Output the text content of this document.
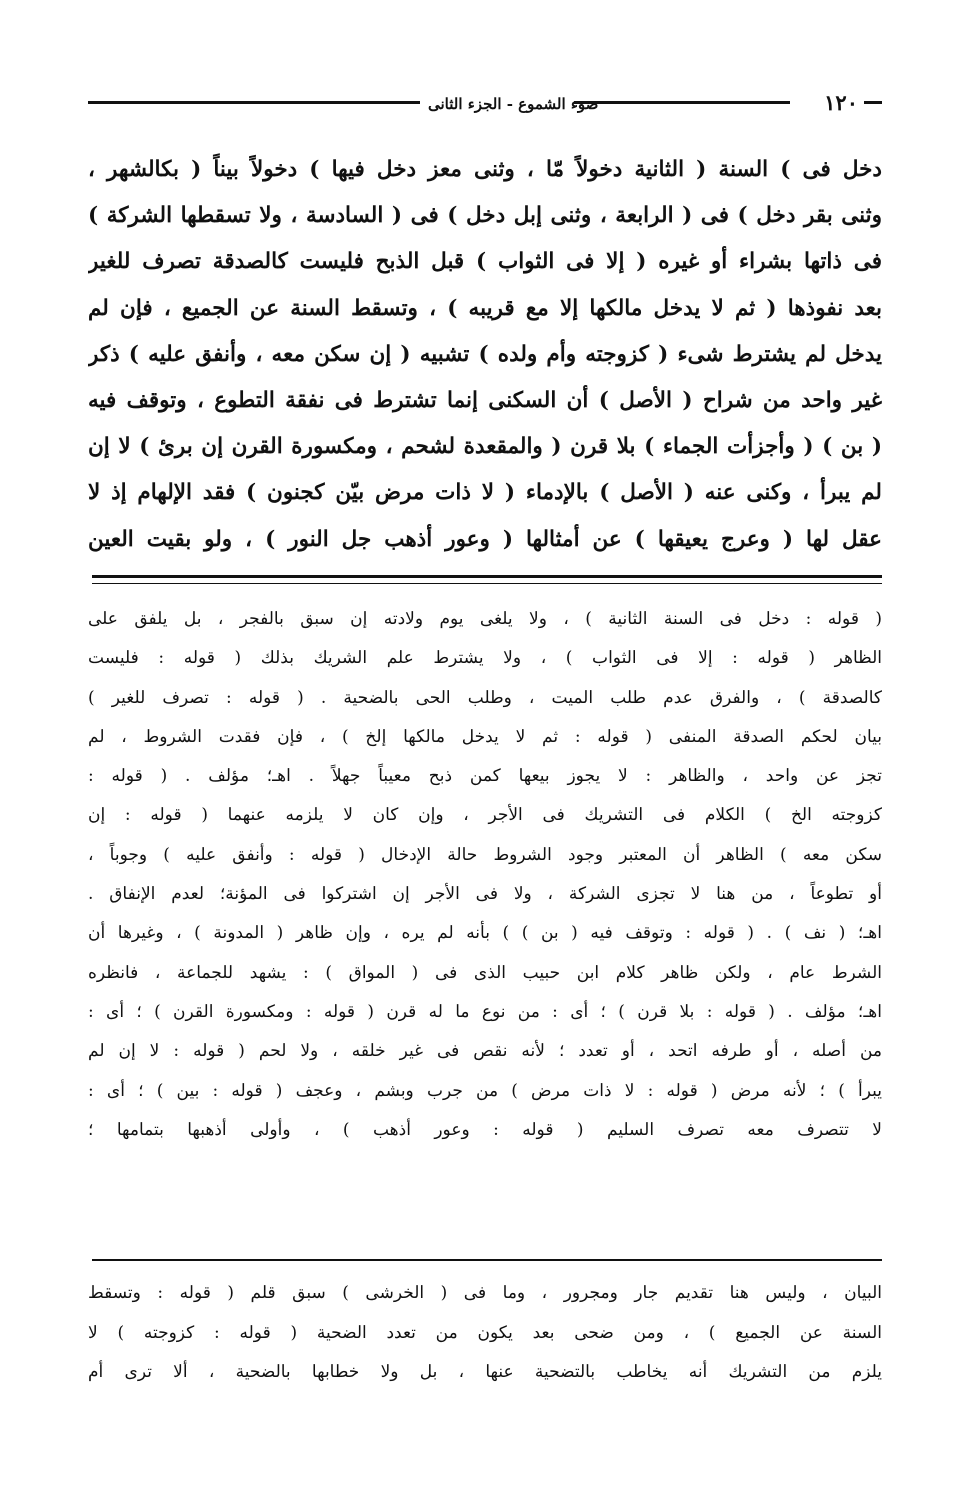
١٢٠
ضوء الشموع - الجزء الثانى
دخل فى ) السنة ( الثانية دخولاً مّا ، وثنى معز دخل فيها ) دخولاً بيناً ( بكالشهر ،
وثنى بقر دخل ) فى ( الرابعة ، وثنى إبل دخل ) فى ( السادسة ، ولا تسقطها الشركة )
فى ذاتها بشراء أو غيره ( إلا فى الثواب ) قبل الذبح فليست كالصدقة تصرف للغير
بعد نفوذها ( ثم لا يدخل مالكها إلا مع قريبه ) ، وتسقط السنة عن الجميع ، فإن لم
يدخل لم يشترط شىء ( كزوجته وأم ولده ) تشبيه ( إن سكن معه ، وأنفق عليه ) ذكر
غير واحد من شراح ( الأصل ) أن السكنى إنما تشترط فى نفقة التطوع ، وتوقف فيه
( بن ) ( وأجزأت الجماء ) بلا قرن ( والمقعدة لشحم ، ومكسورة القرن إن برئ ) لا إن
لم يبرأ ، وكنى عنه ( الأصل ) بالإدماء ( لا ذات مرض بيّن كجنون ) فقد الإلهام إذ لا
عقل لها ( وعرج يعيقها ) عن أمثالها ( وعور أذهب جل النور ) ، ولو بقيت العين
( قوله : دخل فى السنة الثانية ) ، ولا يلغى يوم ولادته إن سبق بالفجر ، بل يلفق على
الظاهر ( قوله : إلا فى الثواب ) ، ولا يشترط علم الشريك بذلك ( قوله : فليست
كالصدقة ) ، والفرق عدم طلب الميت ، وطلب الحى بالضحية . ( قوله : تصرف للغير )
بيان لحكم الصدقة المنفى ( قوله : ثم لا يدخل مالكها إلخ ) ، فإن فقدت الشروط ، لم
تجز عن واحد ، والظاهر : لا يجوز بيعها كمن ذبح معيباً جهلاً . اهـ؛ مؤلف . ( قوله :
كزوجته الخ ) الكلام فى التشريك فى الأجر ، وإن كان لا يلزمه عنهما ( قوله : إن
سكن معه ) الظاهر أن المعتبر وجود الشروط حالة الإدخال ( قوله : وأنفق عليه ) وجوباً ،
أو تطوعاً ، من هنا لا تجزى الشركة ، ولا فى الأجر إن اشتركوا فى المؤنة؛ لعدم الإنفاق .
اهـ؛ ( نف ) . ( قوله : وتوقف فيه ( بن ) ) بأنه لم يره ، وإن ظاهر ( المدونة ) ، وغيرها أن
الشرط عام ، ولكن ظاهر كلام ابن حبيب الذى فى ( المواق ) : يشهد للجماعة ، فانظره
اهـ؛ مؤلف . ( قوله : بلا قرن ) ؛ أى : من نوع ما له قرن ( قوله : ومكسورة القرن ) ؛ أى :
من أصله ، أو طرفه اتحد ، أو تعدد ؛ لأنه نقص فى غير خلقه ، ولا لحم ( قوله : لا إن لم
يبرأ ) ؛ لأنه مرض ( قوله : لا ذات مرض ) من جرب وبشم ، وعجف ( قوله : بين ) ؛ أى :
لا تتصرف معه تصرف السليم ( قوله : وعور أذهب ) ، وأولى أذهبها بتمامها ؛
البيان ، وليس هنا تقديم جار ومجرور ، وما فى ( الخرشى ) سبق قلم ( قوله : وتسقط
السنة عن الجميع ) ، ومن ضحى بعد يكون من تعدد الضحية ( قوله : كزوجته ) لا
يلزم من التشريك أنه يخاطب بالتضحية عنها ، بل ولا خطابها بالضحية ، ألا ترى أم
